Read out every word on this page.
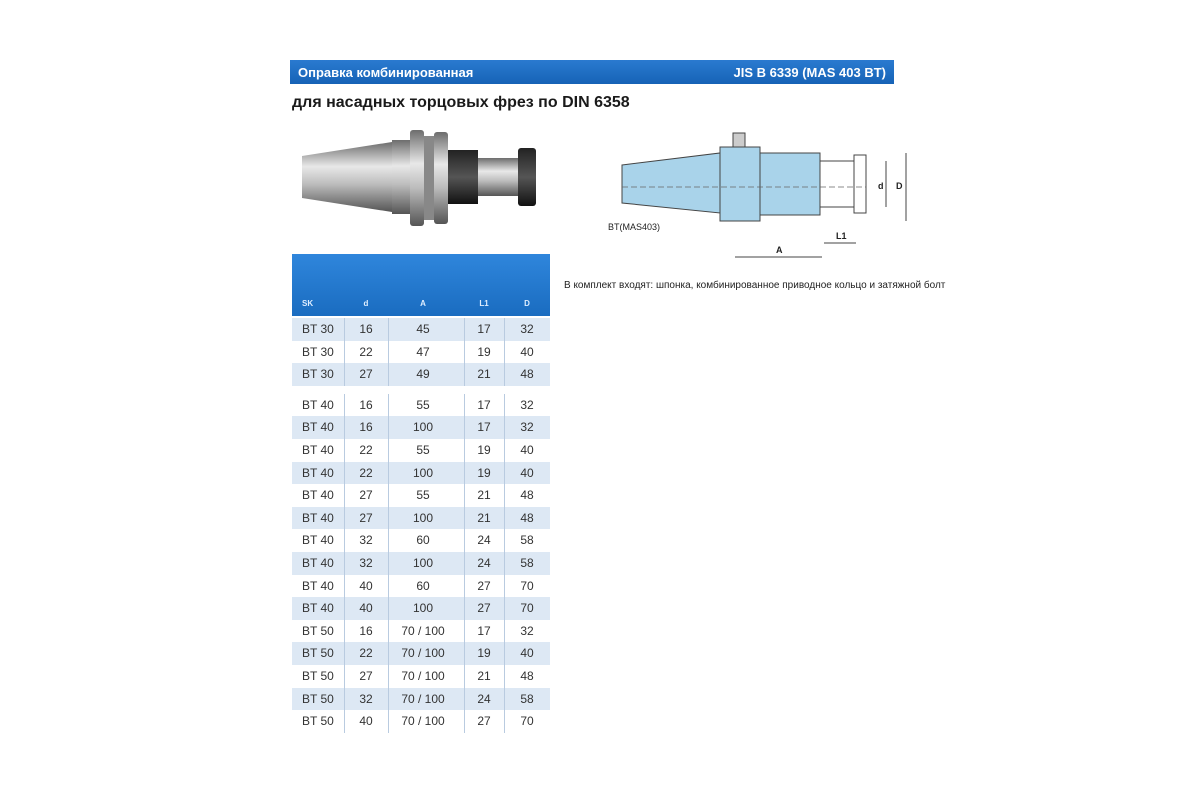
Оправка комбинированная	JIS B 6339 (MAS 403 BT)
для насадных торцовых фрез по DIN 6358
BT(MAS403)
A
L1
d D
В комплект входят: шпонка, комбинированное приводное кольцо и затяжной болт
SK	d	A	L1	D
BT 30	16	45	17	32
BT 30	22	47	19	40
BT 30	27	49	21	48
BT 40	16	55	17	32
BT 40	16	100	17	32
BT 40	22	55	19	40
BT 40	22	100	19	40
BT 40	27	55	21	48
BT 40	27	100	21	48
BT 40	32	60	24	58
BT 40	32	100	24	58
BT 40	40	60	27	70
BT 40	40	100	27	70
BT 50	16	70 / 100	17	32
BT 50	22	70 / 100	19	40
BT 50	27	70 / 100	21	48
BT 50	32	70 / 100	24	58
BT 50	40	70 / 100	27	70
